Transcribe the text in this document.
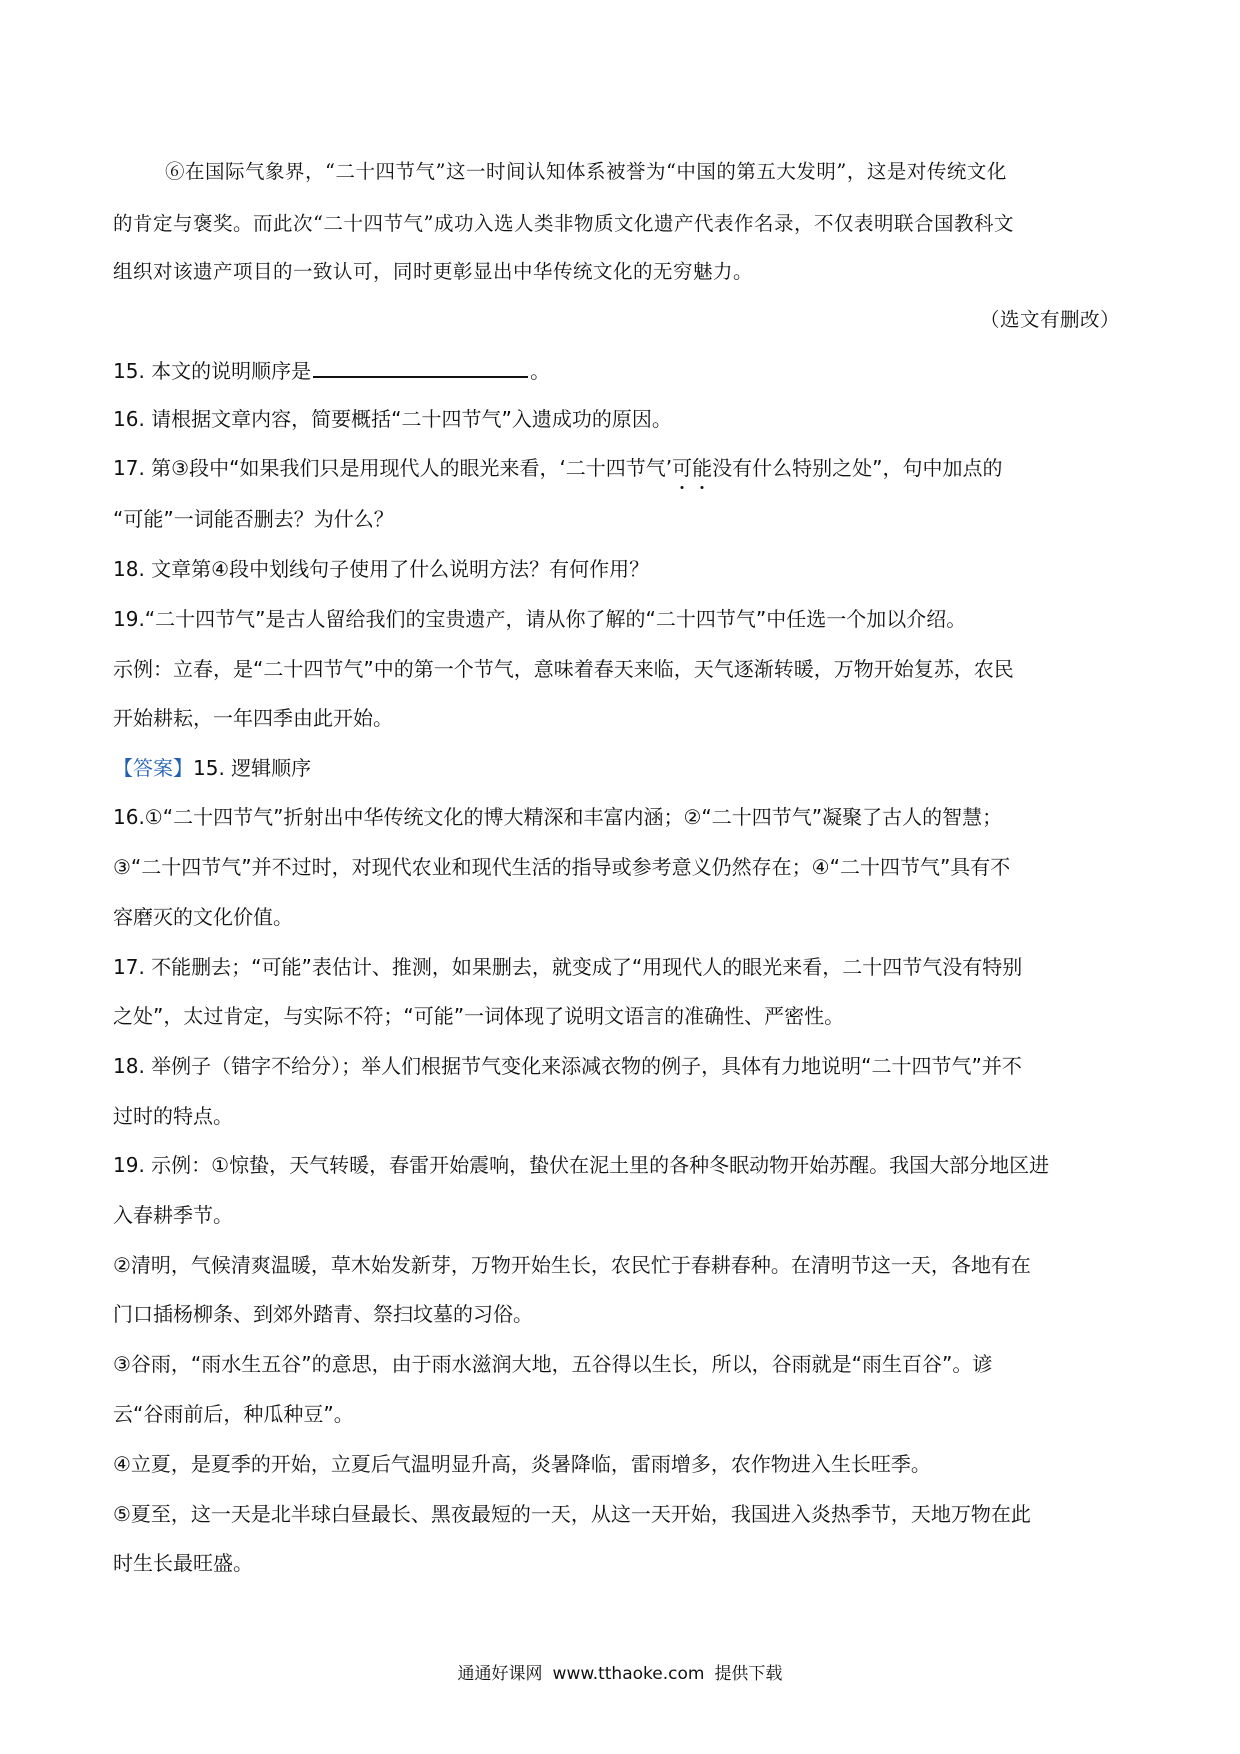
⑥在国际气象界，“二十四节气”这一时间认知体系被誉为“中国的第五大发明”，这是对传统文化
的肯定与褒奖。而此次“二十四节气”成功入选人类非物质文化遗产代表作名录，不仅表明联合国教科文
组织对该遗产项目的一致认可，同时更彰显出中华传统文化的无穷魅力。
（选文有删改）
15. 本文的说明顺序是	。
16. 请根据文章内容，简要概括“二十四节气”入遗成功的原因。
17. 第③段中“如果我们只是用现代人的眼光来看，‘二十四节气’可能没有什么特别之处”，句中加点的
“可能”一词能否删去？为什么？
18. 文章第④段中划线句子使用了什么说明方法？有何作用？
19.“二十四节气”是古人留给我们的宝贵遗产，请从你了解的“二十四节气”中任选一个加以介绍。
示例：立春，是“二十四节气”中的第一个节气，意味着春天来临，天气逐渐转暖，万物开始复苏，农民
开始耕耘，一年四季由此开始。
【答案】15. 逻辑顺序
16.①“二十四节气”折射出中华传统文化的博大精深和丰富内涵；②“二十四节气”凝聚了古人的智慧；
③“二十四节气”并不过时，对现代农业和现代生活的指导或参考意义仍然存在；④“二十四节气”具有不
容磨灭的文化价值。
17. 不能删去；“可能”表估计、推测，如果删去，就变成了“用现代人的眼光来看，二十四节气没有特别
之处”，太过肯定，与实际不符；“可能”一词体现了说明文语言的准确性、严密性。
18. 举例子（错字不给分）；举人们根据节气变化来添减衣物的例子，具体有力地说明“二十四节气”并不
过时的特点。
19. 示例：①惊蛰，天气转暖，春雷开始震响，蛰伏在泥土里的各种冬眠动物开始苏醒。我国大部分地区进
入春耕季节。
②清明，气候清爽温暖，草木始发新芽，万物开始生长，农民忙于春耕春种。在清明节这一天，各地有在
门口插杨柳条、到郊外踏青、祭扫坟墓的习俗。
③谷雨，“雨水生五谷”的意思，由于雨水滋润大地，五谷得以生长，所以，谷雨就是“雨生百谷”。谚
云“谷雨前后，种瓜种豆”。
④立夏，是夏季的开始，立夏后气温明显升高，炎暑降临，雷雨增多，农作物进入生长旺季。
⑤夏至，这一天是北半球白昼最长、黑夜最短的一天，从这一天开始，我国进入炎热季节，天地万物在此
时生长最旺盛。
通通好课网 www.tthaoke.com 提供下载
